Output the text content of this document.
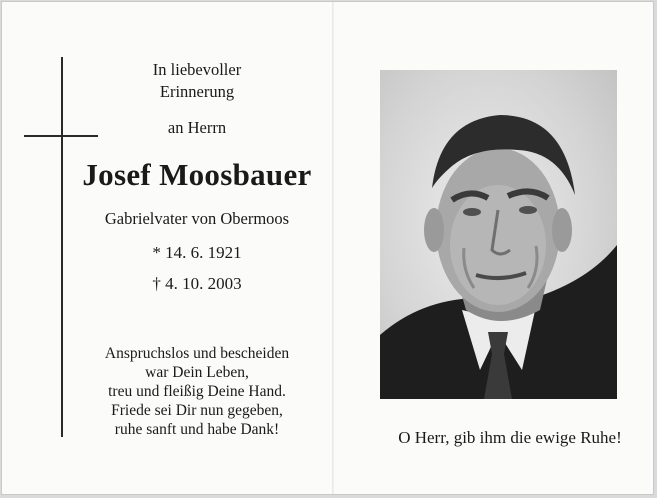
In liebevoller
Erinnerung
an Herrn
Josef Moosbauer
Gabrielvater von Obermoos
* 14. 6. 1921
† 4. 10. 2003
Anspruchslos und bescheiden
war Dein Leben,
treu und fleißig Deine Hand.
Friede sei Dir nun gegeben,
ruhe sanft und habe Dank!	O Herr, gib ihm die ewige Ruhe!
